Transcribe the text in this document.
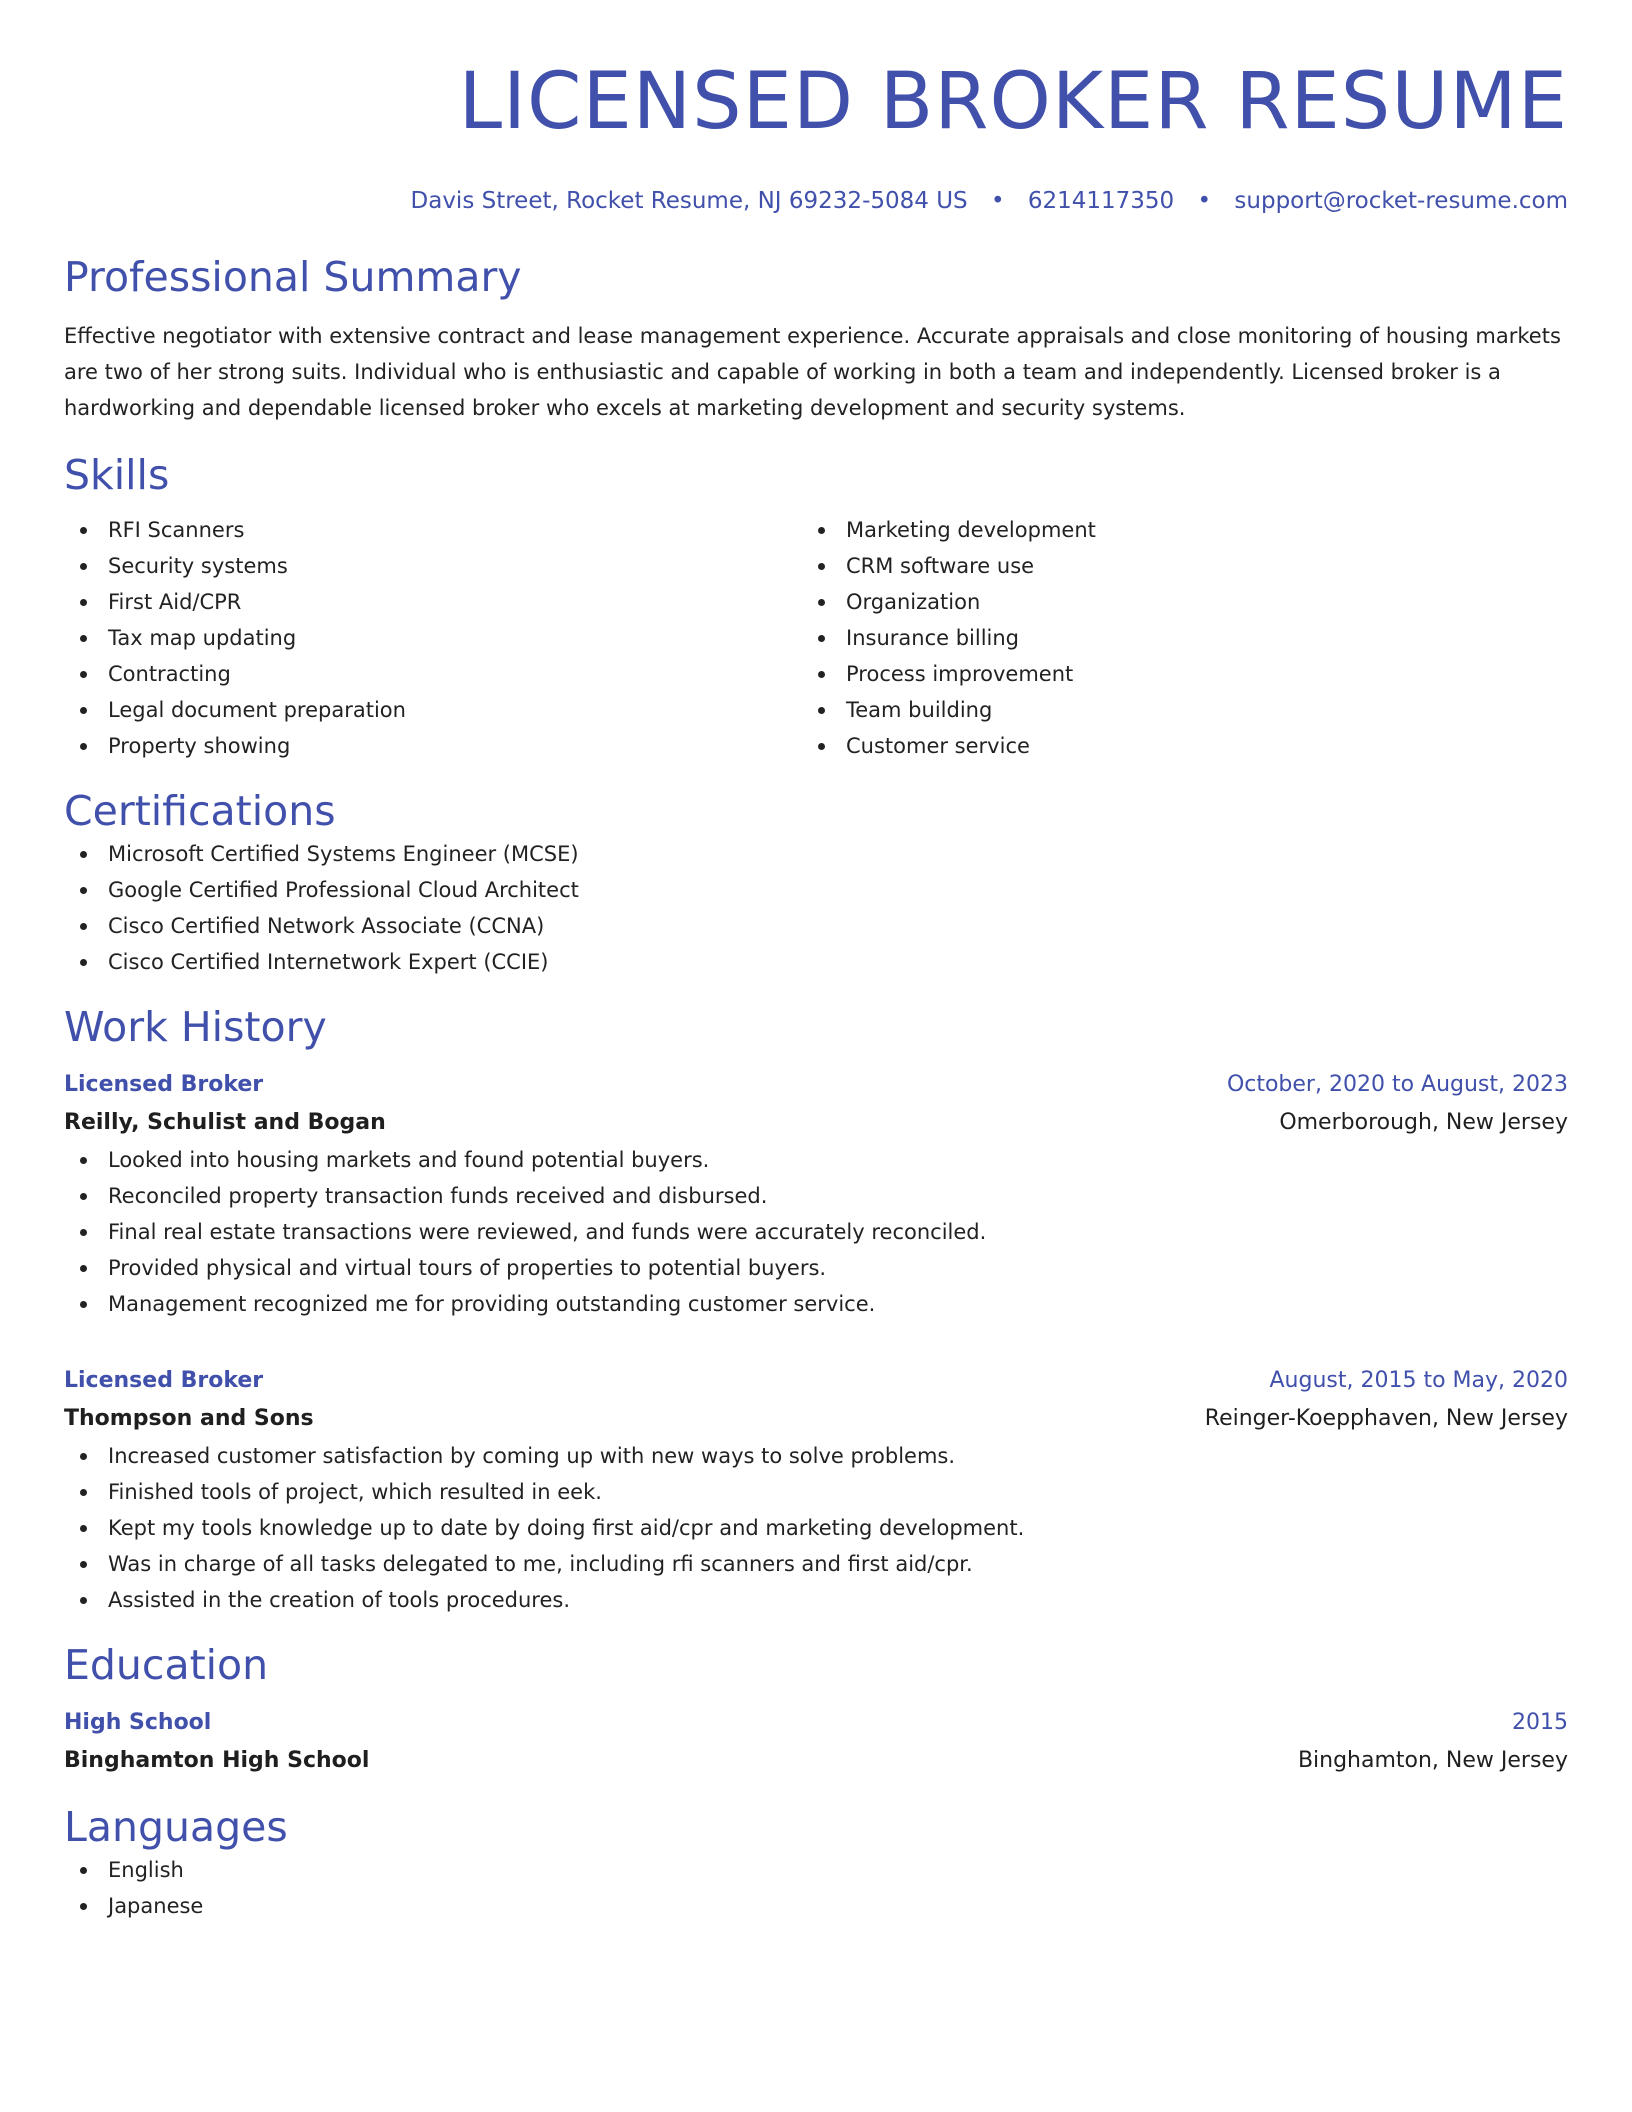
LICENSED BROKER RESUME
Davis Street, Rocket Resume, NJ 69232-5084 US • 6214117350 • support@rocket-resume.com
Professional Summary
Effective negotiator with extensive contract and lease management experience. Accurate appraisals and close monitoring of housing markets are two of her strong suits. Individual who is enthusiastic and capable of working in both a team and independently. Licensed broker is a hardworking and dependable licensed broker who excels at marketing development and security systems.
Skills
RFI Scanners
Security systems
First Aid/CPR
Tax map updating
Contracting
Legal document preparation
Property showing
Marketing development
CRM software use
Organization
Insurance billing
Process improvement
Team building
Customer service
Certifications
Microsoft Certified Systems Engineer (MCSE)
Google Certified Professional Cloud Architect
Cisco Certified Network Associate (CCNA)
Cisco Certified Internetwork Expert (CCIE)
Work History
Licensed Broker	October, 2020 to August, 2023
Reilly, Schulist and Bogan	Omerborough, New Jersey
Looked into housing markets and found potential buyers.
Reconciled property transaction funds received and disbursed.
Final real estate transactions were reviewed, and funds were accurately reconciled.
Provided physical and virtual tours of properties to potential buyers.
Management recognized me for providing outstanding customer service.
Licensed Broker	August, 2015 to May, 2020
Thompson and Sons	Reinger-Koepphaven, New Jersey
Increased customer satisfaction by coming up with new ways to solve problems.
Finished tools of project, which resulted in eek.
Kept my tools knowledge up to date by doing first aid/cpr and marketing development.
Was in charge of all tasks delegated to me, including rfi scanners and first aid/cpr.
Assisted in the creation of tools procedures.
Education
High School	2015
Binghamton High School	Binghamton, New Jersey
Languages
English
Japanese
